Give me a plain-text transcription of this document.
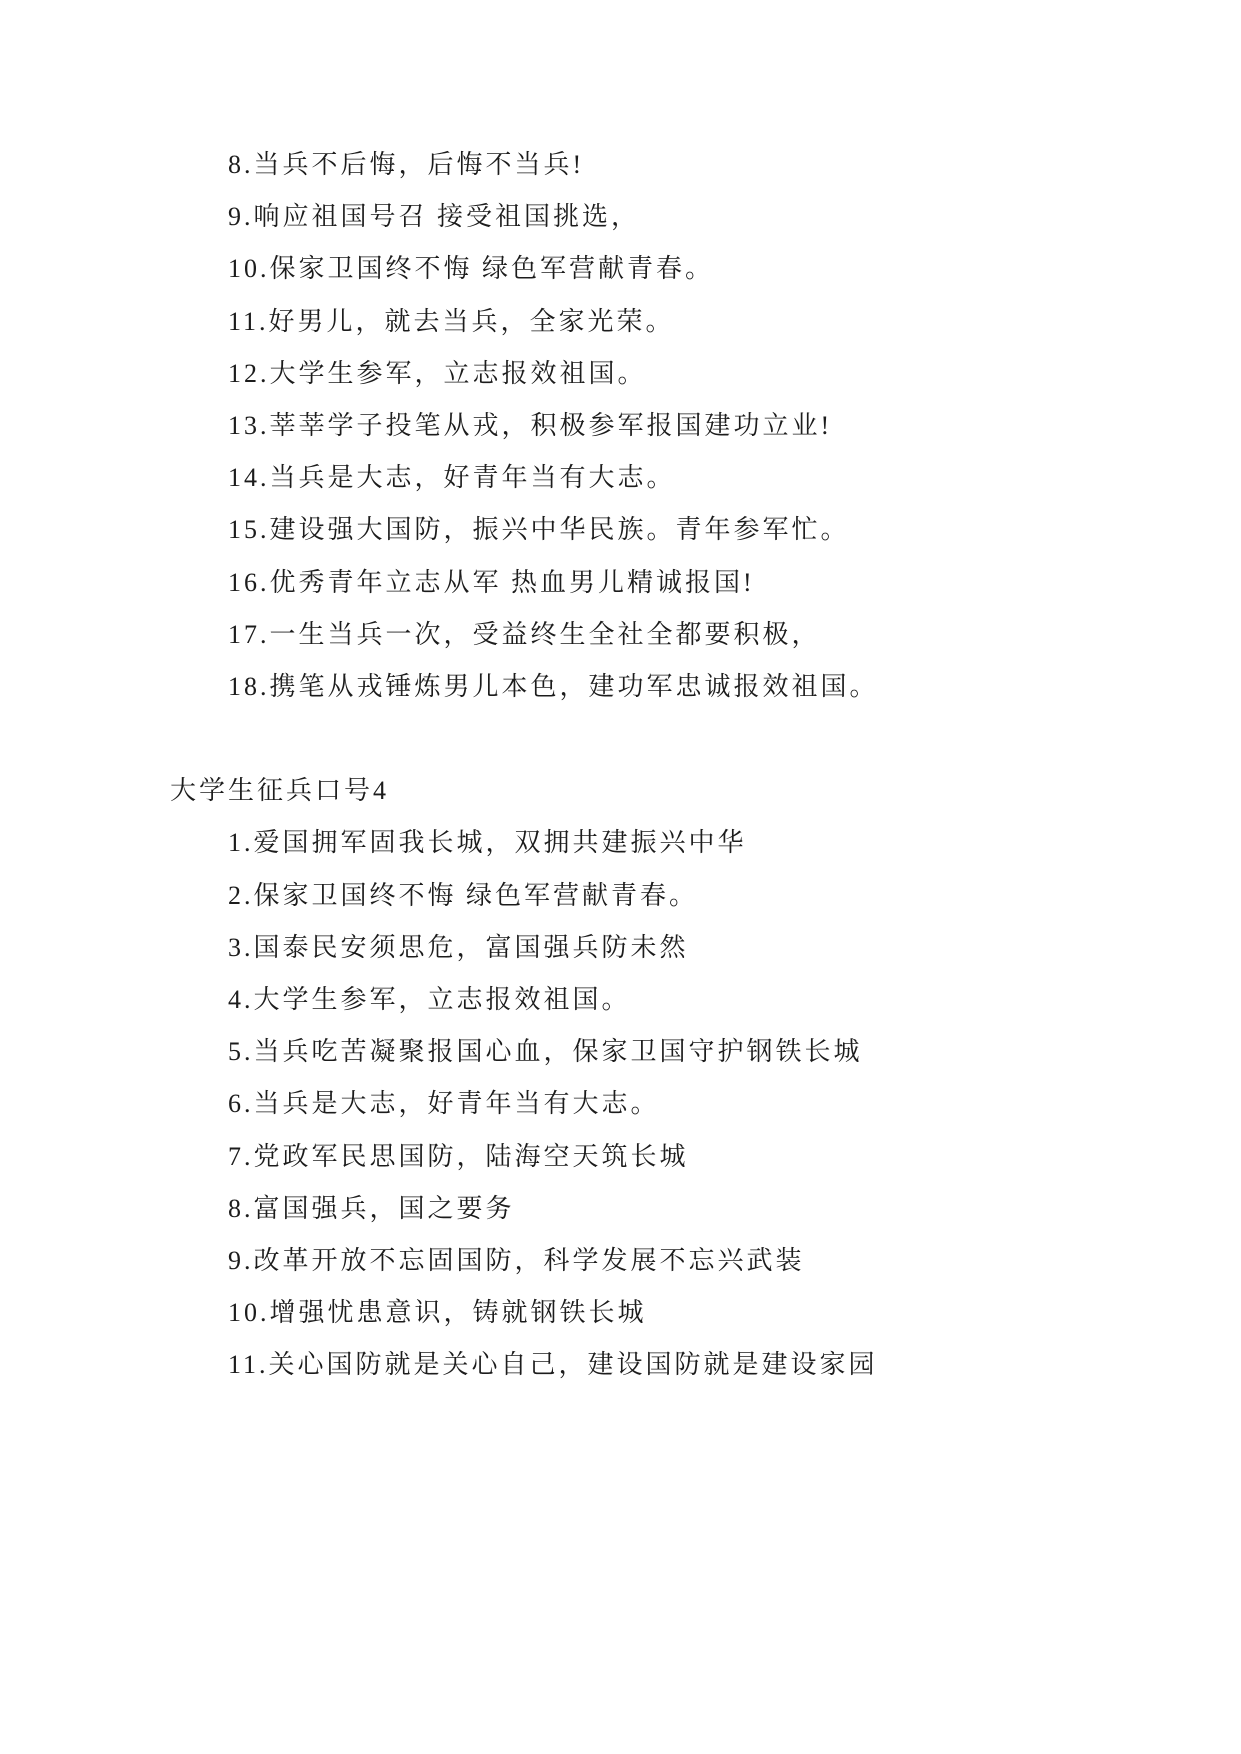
8.当兵不后悔，后悔不当兵!
9.响应祖国号召 接受祖国挑选，
10.保家卫国终不悔 绿色军营献青春。
11.好男儿，就去当兵，全家光荣。
12.大学生参军，立志报效祖国。
13.莘莘学子投笔从戎，积极参军报国建功立业!
14.当兵是大志，好青年当有大志。
15.建设强大国防，振兴中华民族。青年参军忙。
16.优秀青年立志从军 热血男儿精诚报国!
17.一生当兵一次，受益终生全社全都要积极，
18.携笔从戎锤炼男儿本色，建功军忠诚报效祖国。
大学生征兵口号4
1.爱国拥军固我长城，双拥共建振兴中华
2.保家卫国终不悔 绿色军营献青春。
3.国泰民安须思危，富国强兵防未然
4.大学生参军，立志报效祖国。
5.当兵吃苦凝聚报国心血，保家卫国守护钢铁长城
6.当兵是大志，好青年当有大志。
7.党政军民思国防，陆海空天筑长城
8.富国强兵，国之要务
9.改革开放不忘固国防，科学发展不忘兴武装
10.增强忧患意识，铸就钢铁长城
11.关心国防就是关心自己，建设国防就是建设家园
